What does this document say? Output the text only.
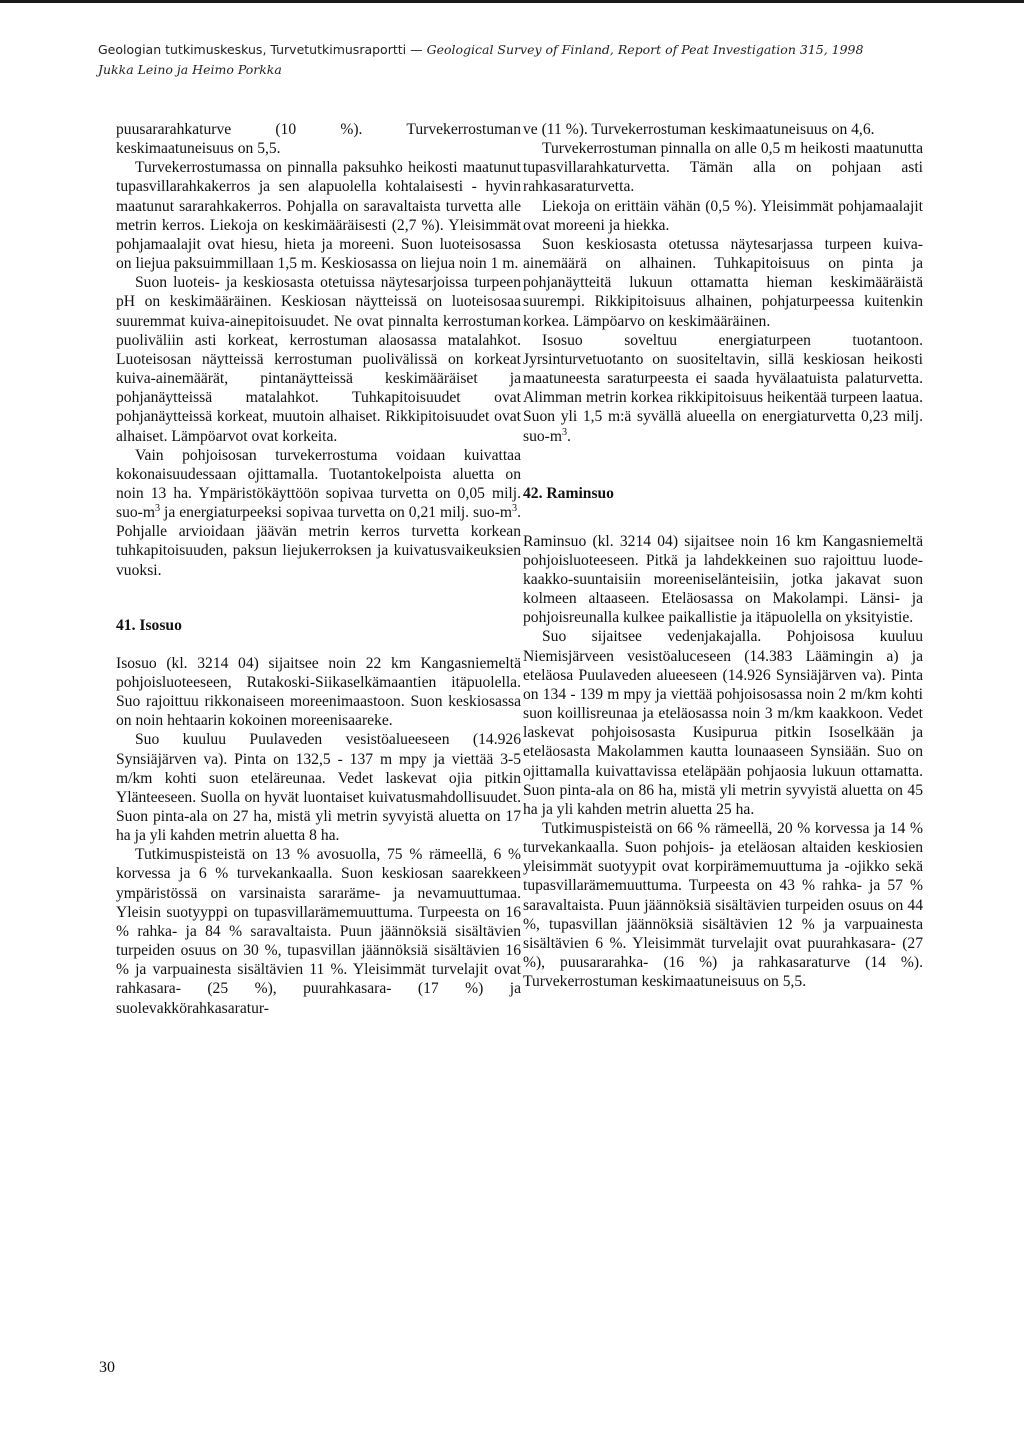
Geologian tutkimuskeskus, Turvetutkimusraportti — Geological Survey of Finland, Report of Peat Investigation 315, 1998
Jukka Leino ja Heimo Porkka

puusararahkaturve (10 %). Turvekerrostuman keskimaatuneisuus on 5,5.

Turvekerrostumassa on pinnalla paksuhko heikosti maatunut tupasvillarahkakerros ja sen alapuolella kohtalaisesti - hyvin maatunut sararahkakerros. Pohjalla on saravaltaista turvetta alle metrin kerros. Liekoja on keskimääräisesti (2,7 %). Yleisimmät pohjamaalajit ovat hiesu, hieta ja moreeni. Suon luoteisosassa on liejua paksuimmillaan 1,5 m. Keskiosassa on liejua noin 1 m.

Suon luoteis- ja keskiosasta otetuissa näytesarjoissa turpeen pH on keskimääräinen. Keskiosan näytteissä on luoteisosaa suuremmat kuiva-ainepitoisuudet. Ne ovat pinnalta kerrostuman puoliväliin asti korkeat, kerrostuman alaosassa matalahkot. Luoteisosan näytteissä kerrostuman puolivälissä on korkeat kuiva-ainemäärät, pintanäytteissä keskimääräiset ja pohjanäytteissä matalahkot. Tuhkapitoisuudet ovat pohjanäytteissä korkeat, muutoin alhaiset. Rikkipitoisuudet ovat alhaiset. Lämpöarvot ovat korkeita.

Vain pohjoisosan turvekerrostuma voidaan kuivattaa kokonaisuudessaan ojittamalla. Tuotantokelpoista aluetta on noin 13 ha. Ympäristökäyttöön sopivaa turvetta on 0,05 milj. suo-$m^3$ ja energiaturpeeksi sopivaa turvetta on 0,21 milj. suo-$m^3$. Pohjalle arvioidaan jäävän metrin kerros turvetta korkean tuhkapitoisuuden, paksun liejukerroksen ja kuivatusvaikeuksien vuoksi.

41. Isosuo

Isosuo (kl. 3214 04) sijaitsee noin 22 km Kangasniemeltä pohjoisluoteeseen, Rutakoski-Siikaselkämaantien itäpuolella. Suo rajoittuu rikkonaiseen moreenimaastoon. Suon keskiosassa on noin hehtaarin kokoinen moreenisaareke.

Suo kuuluu Puulaveden vesistöalueeseen (14.926 Synsiäjärven va). Pinta on 132,5 - 137 m mpy ja viettää 3-5 m/km kohti suon eteläreunaa. Vedet laskevat ojia pitkin Ylänteeseen. Suolla on hyvät luontaiset kuivatusmahdollisuudet. Suon pinta-ala on 27 ha, mistä yli metrin syvyistä aluetta on 17 ha ja yli kahden metrin aluetta 8 ha.

Tutkimuspisteistä on 13 % avosuolla, 75 % rämeellä, 6 % korvessa ja 6 % turvekankaalla. Suon keskiosan saarekkeen ympäristössä on varsinaista sararäme- ja nevamuuttumaa. Yleisin suotyyppi on tupasvillarämemuuttuma. Turpeesta on 16 % rahka- ja 84 % saravaltaista. Puun jäännöksiä sisältävien turpeiden osuus on 30 %, tupasvillan jäännöksiä sisältävien 16 % ja varpuainesta sisältävien 11 %. Yleisimmät turvelajit ovat rahkasara- (25 %), puurahkasara- (17 %) ja suolevakkörahkasaratur-

ve (11 %). Turvekerrostuman keskimaatuneisuus on 4,6.

Turvekerrostuman pinnalla on alle 0,5 m heikosti maatunutta tupasvillarahkaturvetta. Tämän alla on pohjaan asti rahkasaraturvetta.

Liekoja on erittäin vähän (0,5 %). Yleisimmät pohjamaalajit ovat moreeni ja hiekka.

Suon keskiosasta otetussa näytesarjassa turpeen kuiva-ainemäärä on alhainen. Tuhkapitoisuus on pinta ja pohjanäytteitä lukuun ottamatta hieman keskimääräistä suurempi. Rikkipitoisuus alhainen, pohjaturpeessa kuitenkin korkea. Lämpöarvo on keskimääräinen.

Isosuo soveltuu energiaturpeen tuotantoon. Jyrsinturvetuotanto on suositeltavin, sillä keskiosan heikosti maatuneesta saraturpeesta ei saada hyvälaatuista palaturvetta. Alimman metrin korkea rikkipitoisuus heikentää turpeen laatua. Suon yli 1,5 m:ä syvällä alueella on energiaturvetta 0,23 milj. suo-$m^3$.

42. Raminsuo

Raminsuo (kl. 3214 04) sijaitsee noin 16 km Kangasniemeltä pohjoisluoteeseen. Pitkä ja lahdekkeinen suo rajoittuu luode-kaakko-suuntaisiin moreeniselänteisiin, jotka jakavat suon kolmeen altaaseen. Eteläosassa on Makolampi. Länsi- ja pohjoisreunalla kulkee paikallistie ja itäpuolella on yksityistie.

Suo sijaitsee vedenjakajalla. Pohjoisosa kuuluu Niemisjärveen vesistöaluceseen (14.383 Läämingin a) ja eteläosa Puulaveden alueeseen (14.926 Synsiäjärven va). Pinta on 134 - 139 m mpy ja viettää pohjoisosassa noin 2 m/km kohti suon koillisreunaa ja eteläosassa noin 3 m/km kaakkoon. Vedet laskevat pohjoisosasta Kusipurua pitkin Isoselkään ja eteläosasta Makolammen kautta lounaaseen Synsiään. Suo on ojittamalla kuivattavissa eteläpään pohjaosia lukuun ottamatta. Suon pinta-ala on 86 ha, mistä yli metrin syvyistä aluetta on 45 ha ja yli kahden metrin aluetta 25 ha.

Tutkimuspisteistä on 66 % rämeellä, 20 % korvessa ja 14 % turvekankaalla. Suon pohjois- ja eteläosan altaiden keskiosien yleisimmät suotyypit ovat korpirämemuuttuma ja -ojikko sekä tupasvillarämemuuttuma. Turpeesta on 43 % rahka- ja 57 % saravaltaista. Puun jäännöksiä sisältävien turpeiden osuus on 44 %, tupasvillan jäännöksiä sisältävien 12 % ja varpuainesta sisältävien 6 %. Yleisimmät turvelajit ovat puurahkasara- (27 %), puusararahka- (16 %) ja rahkasaraturve (14 %). Turvekerrostuman keskimaatuneisuus on 5,5.

30
